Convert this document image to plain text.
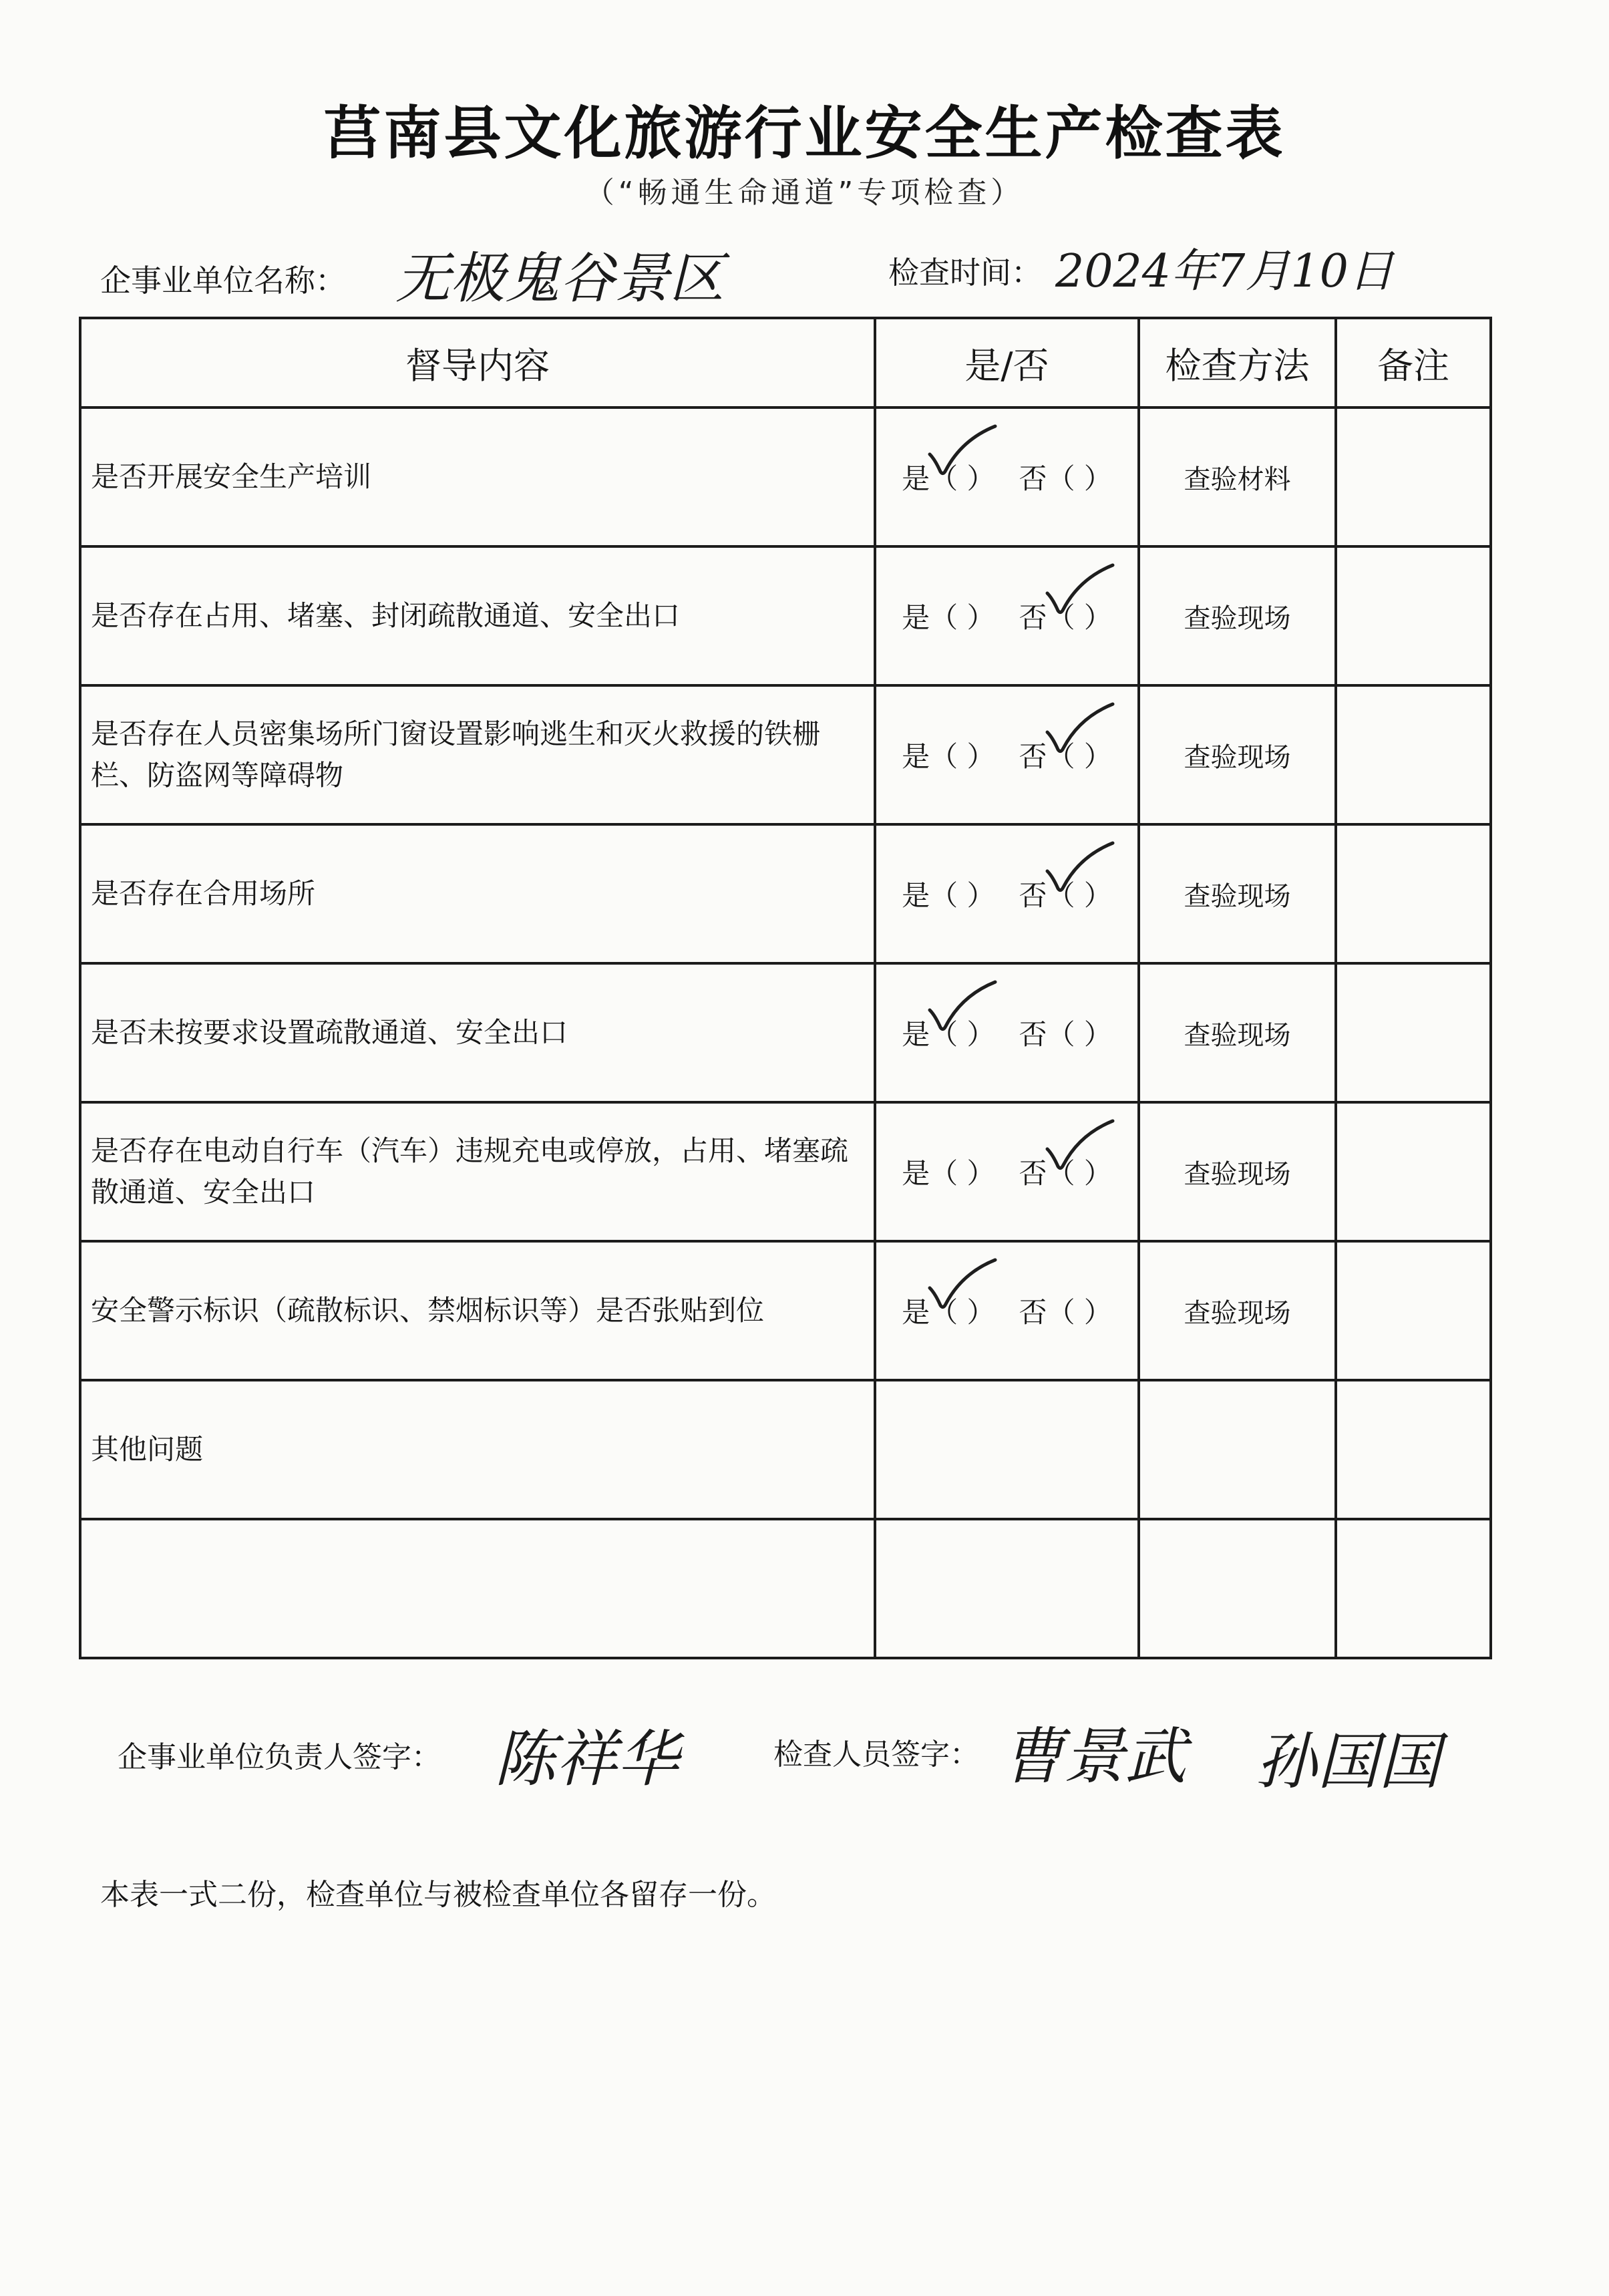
莒南县文化旅游行业安全生产检查表
（“畅通生命通道”专项检查）
企事业单位名称： 无极鬼谷景区	检查时间： 2024年7月10日
督导内容	是/否	检查方法	备注
是否开展安全生产培训	是（ ） 否（ ）	查验材料	
是否存在占用、堵塞、封闭疏散通道、安全出口	是（ ） 否（ ）	查验现场	
是否存在人员密集场所门窗设置影响逃生和灭火救援的铁栅栏、防盗网等障碍物	是（ ） 否（ ）	查验现场	
是否存在合用场所	是（ ） 否（ ）	查验现场	
是否未按要求设置疏散通道、安全出口	是（ ） 否（ ）	查验现场	
是否存在电动自行车（汽车）违规充电或停放，占用、堵塞疏散通道、安全出口	是（ ） 否（ ）	查验现场	
安全警示标识（疏散标识、禁烟标识等）是否张贴到位	是（ ） 否（ ）	查验现场	
其他问题			

企事业单位负责人签字： 陈祥华	检查人员签字： 曹景武 孙国国
本表一式二份，检查单位与被检查单位各留存一份。
